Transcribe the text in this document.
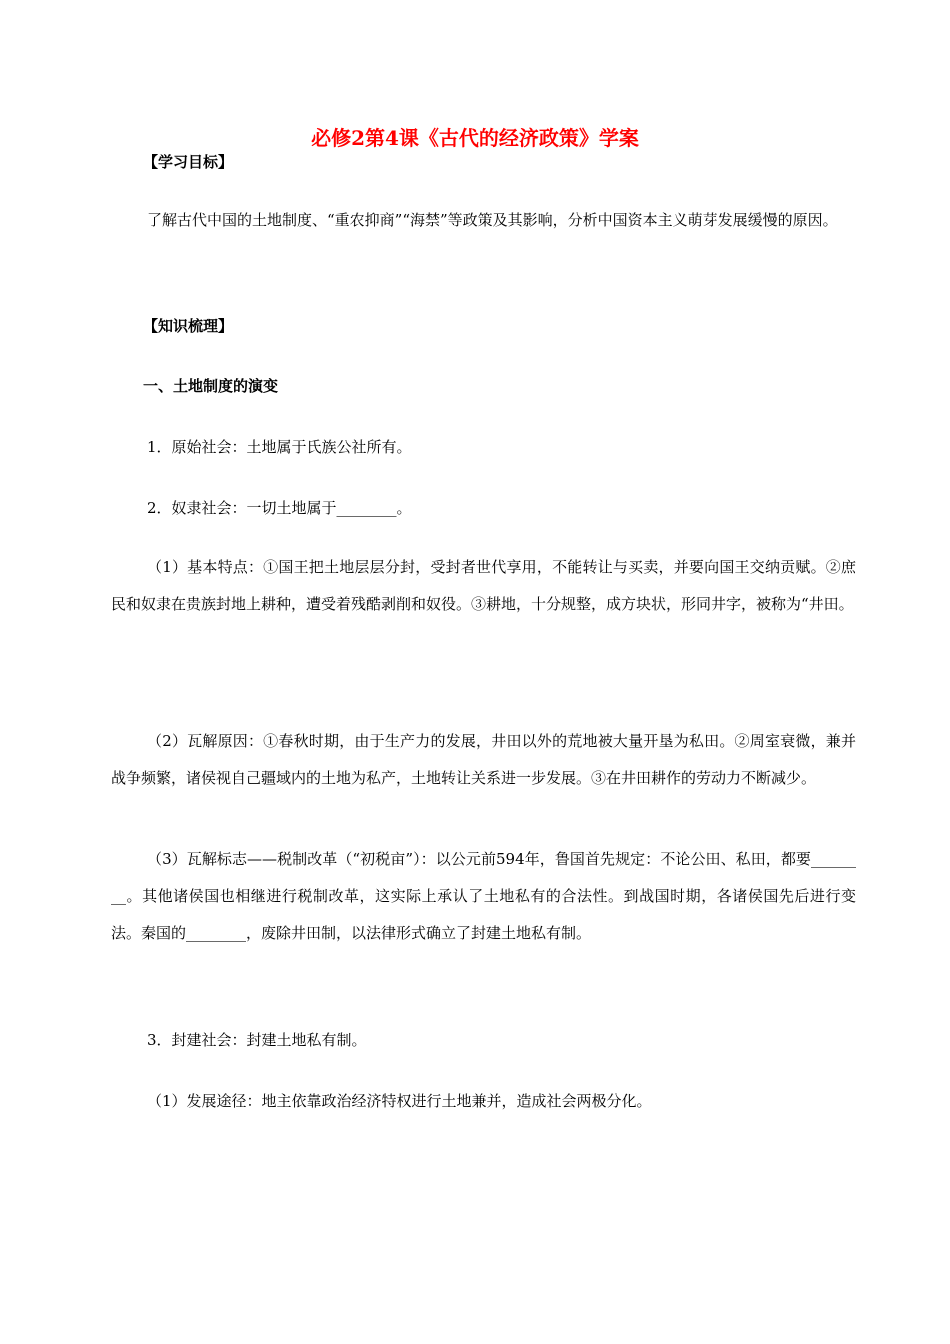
必修2第4课《古代的经济政策》学案
【学习目标】
了解古代中国的土地制度、“重农抑商”“海禁”等政策及其影响，分析中国资本主义萌芽发展缓慢的原因。
【知识梳理】
一、土地制度的演变
1．原始社会：土地属于氏族公社所有。
2．奴隶社会：一切土地属于________。
（1）基本特点：①国王把土地层层分封，受封者世代享用，不能转让与买卖，并要向国王交纳贡赋。②庶民和奴隶在贵族封地上耕种，遭受着残酷剥削和奴役。③耕地，十分规整，成方块状，形同井字，被称为“井田。
（2）瓦解原因：①春秋时期，由于生产力的发展，井田以外的荒地被大量开垦为私田。②周室衰微，兼并战争频繁，诸侯视自己疆域内的土地为私产，土地转让关系进一步发展。③在井田耕作的劳动力不断减少。
（3）瓦解标志——税制改革（“初税亩”）：以公元前594年，鲁国首先规定：不论公田、私田，都要________。其他诸侯国也相继进行税制改革，这实际上承认了土地私有的合法性。到战国时期，各诸侯国先后进行变法。秦国的________，废除井田制，以法律形式确立了封建土地私有制。
3．封建社会：封建土地私有制。
（1）发展途径：地主依靠政治经济特权进行土地兼并，造成社会两极分化。
